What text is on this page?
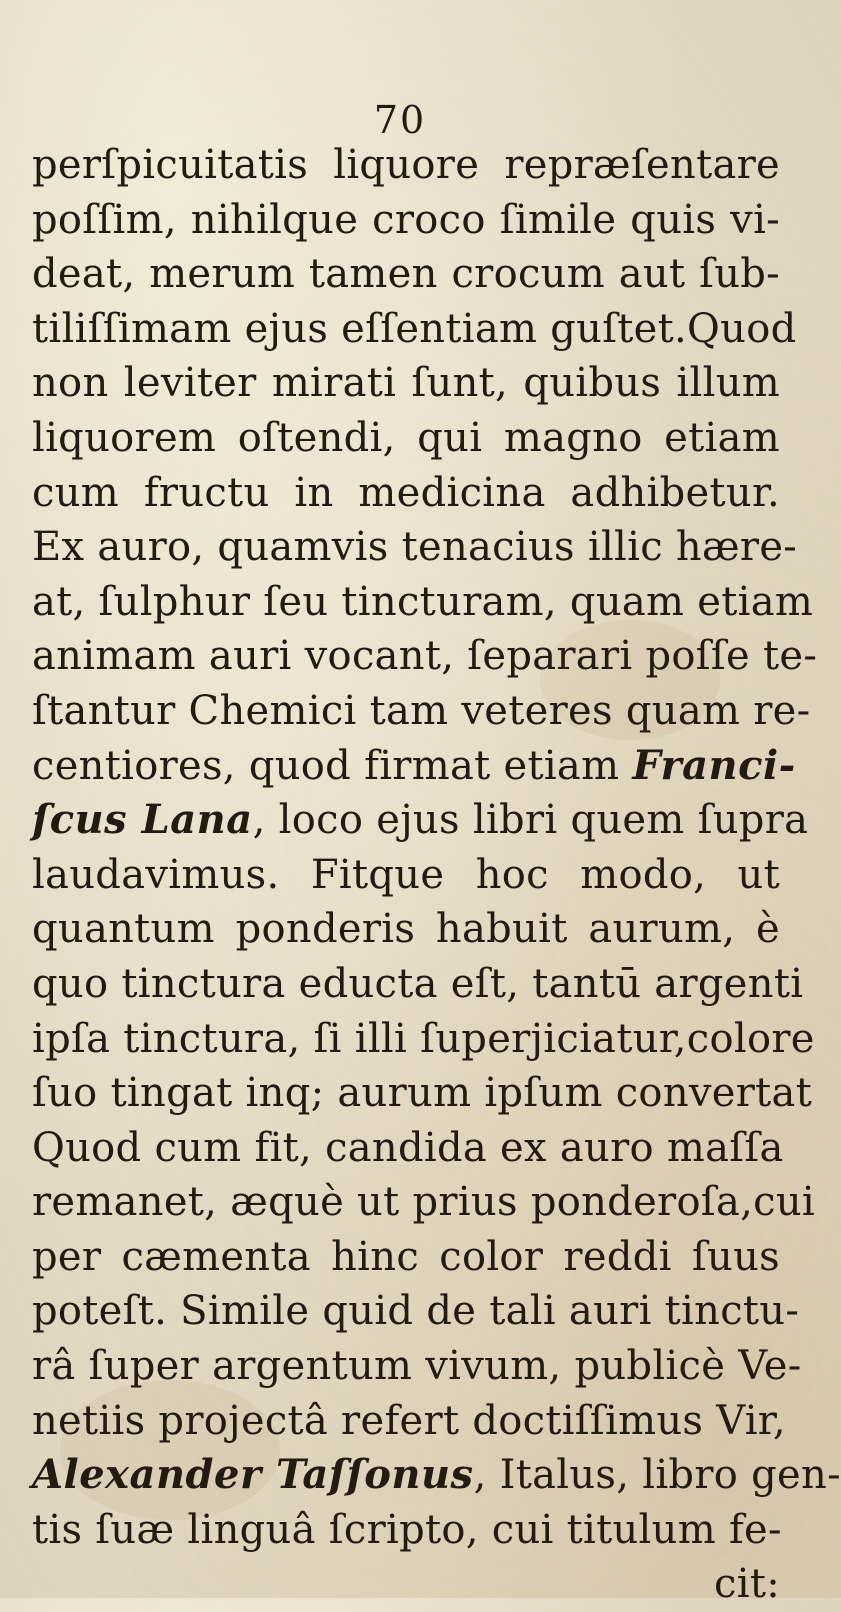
70
perſpicuitatis liquore repræſentare
poſſim, nihilque croco ſimile quis vi-
deat, merum tamen crocum aut ſub-
tiliſſimam ejus eſſentiam guſtet.Quod
non leviter mirati ſunt, quibus illum
liquorem oſtendi, qui magno etiam
cum fructu in medicina adhibetur.
Ex auro, quamvis tenacius illic hære-
at, ſulphur ſeu tincturam, quam etiam
animam auri vocant, ſeparari poſſe te-
ſtantur Chemici tam veteres quam re-
centiores, quod firmat etiam Franci-
ſcus Lana, loco ejus libri quem ſupra
laudavimus. Fitque hoc modo, ut
quantum ponderis habuit aurum, è
quo tinctura educta eſt, tantū argenti
ipſa tinctura, ſi illi ſuperjiciatur,colore
ſuo tingat inq; aurum ipſum convertat
Quod cum fit, candida ex auro maſſa
remanet, æquè ut prius ponderoſa,cui
per cæmenta hinc color reddi ſuus
poteſt. Simile quid de tali auri tinctu-
râ ſuper argentum vivum, publicè Ve-
netiis projectâ refert doctiſſimus Vir,
Alexander Taſſonus, Italus, libro gen-
tis ſuæ linguâ ſcripto, cui titulum fe-
cit:
